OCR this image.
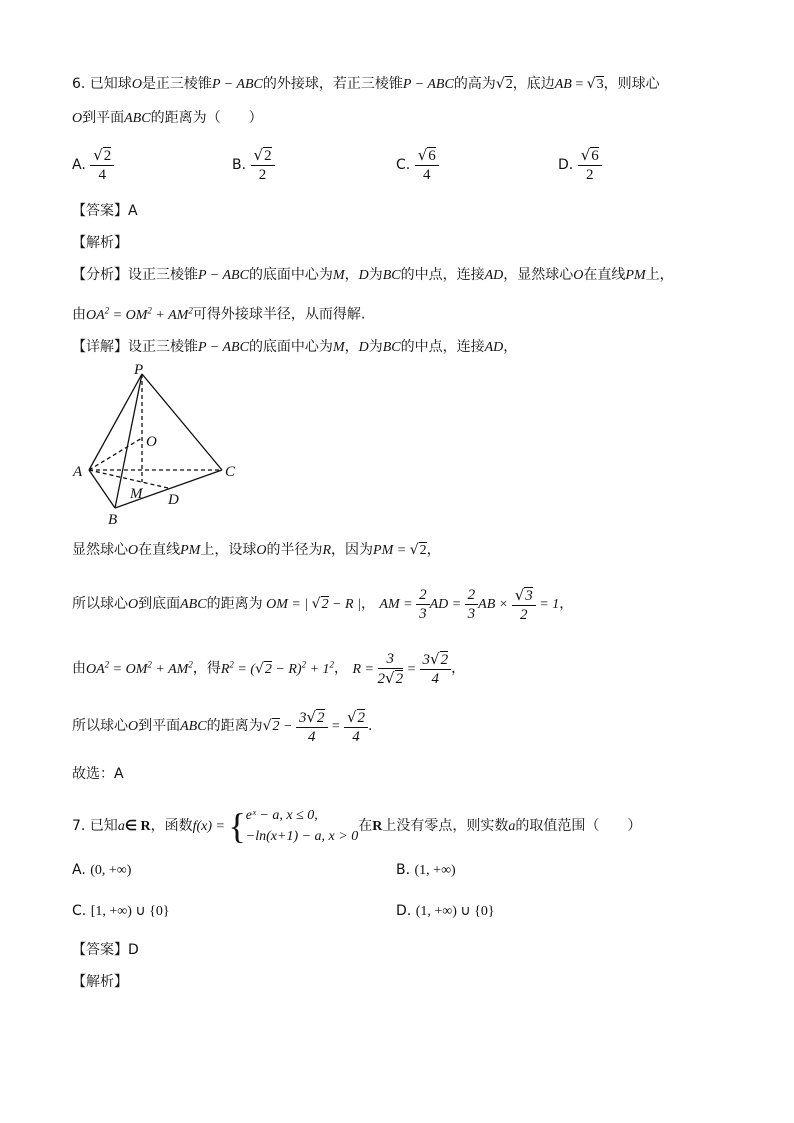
6. 已知球O是正三棱锥P − ABC的外接球，若正三棱锥P − ABC的高为√2，底边AB = √3，则球心
O到平面ABC的距离为（　　）
A. $\frac{√2}{4}$	B. $\frac{√2}{2}$	C. $\frac{√6}{4}$	D. $\frac{√6}{2}$
【答案】A
【解析】
【分析】设正三棱锥P − ABC的底面中心为M，D为BC的中点，连接AD，显然球心O在直线PM上，
由$OA^2 = OM^2 + AM^2$可得外接球半径，从而得解.
【详解】设正三棱锥P − ABC的底面中心为M，D为BC的中点，连接AD，
P
O
A	C
M D
B
显然球心O在直线PM上，设球O的半径为R，因为PM = √2，
所以球心O到底面ABC的距离为 OM = | √2 − R |， AM = $\frac{2}{3}$ AD = $\frac{2}{3}$ AB × $\frac{√3}{2} = 1$，
由$OA^2 = OM^2 + AM^2$，得$R^2 = (√2 - R)^2 + 1^2$， $R = \frac{3}{2√2} = \frac{3√2}{4}$ ，
所以球心O到平面ABC的距离为$√2 - \frac{3√2}{4} = \frac{√2}{4}$ .
故选：A
7. 已知a∈ R，函数f(x) = { eˣ − a, x ≤ 0,
−ln(x+1) − a, x > 0
在R上没有零点，则实数a的取值范围（　　）
A. (0, +∞)	B. (1, +∞)
C. [1, +∞) ∪ {0}	D. (1, +∞) ∪ {0}
【答案】D
【解析】
